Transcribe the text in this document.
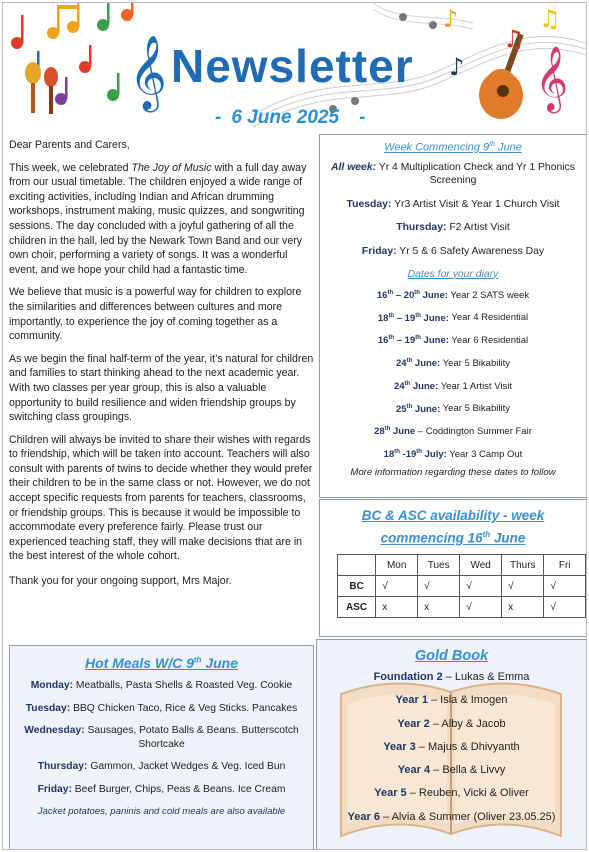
𝄞	♪
♫
♫
♪
𝄞
Newsletter
- 6 June 2025 -

Dear Parents and Carers,

This week, we celebrated The Joy of Music with a full day away from our usual timetable. The children enjoyed a wide range of exciting activities, including Indian and African drumming workshops, instrument making, music quizzes, and songwriting sessions. The day concluded with a joyful gathering of all the children in the hall, led by the Newark Town Band and our very own choir, performing a variety of songs. It was a wonderful event, and we hope your child had a fantastic time.

We believe that music is a powerful way for children to explore the similarities and differences between cultures and more importantly, to experience the joy of coming together as a community.

As we begin the final half-term of the year, it’s natural for children and families to start thinking ahead to the next academic year. With two classes per year group, this is also a valuable opportunity to build resilience and widen friendship groups by switching class groupings.

Children will always be invited to share their wishes with regards to friendship, which will be taken into account. Teachers will also consult with parents of twins to decide whether they would prefer their children to be in the same class or not. However, we do not accept specific requests from parents for teachers, classrooms, or friendship groups. This is because it would be impossible to accommodate every preference fairly. Please trust our experienced teaching staff, they will make decisions that are in the best interest of the whole cohort.

Thank you for your ongoing support, Mrs Major.

Week Commencing 9th June
All week: Yr 4 Multiplication Check and Yr 1 Phonics Screening
Tuesday: Yr3 Artist Visit & Year 1 Church Visit
Thursday: F2 Artist Visit
Friday: Yr 5 & 6 Safety Awareness Day
Dates for your diary
16th – 20th June: Year 2 SATS week
18th – 19th June: Year 4 Residential
16th – 19th June: Year 6 Residential
24th June: Year 5 Bikability
24th June: Year 1 Artist Visit
25th June: Year 5 Bikability
28th June – Coddington Summer Fair
18th -19th July: Year 3 Camp Out
More information regarding these dates to follow
BC & ASC availability - week
commencing 16th June
	Mon	Tues	Wed	Thurs	Fri
BC	√	√	√	√	√
ASC	x	x	√	x	√
Hot Meals W/C 9th June
Monday: Meatballs, Pasta Shells & Roasted Veg. Cookie
Tuesday: BBQ Chicken Taco, Rice & Veg Sticks. Pancakes
Wednesday: Sausages, Potato Balls & Beans. Butterscotch Shortcake
Thursday: Gammon, Jacket Wedges & Veg. Iced Bun
Friday: Beef Burger, Chips, Peas & Beans. Ice Cream
Jacket potatoes, paninis and cold meals are also available
Gold Book
Foundation 2 – Lukas & Emma
Year 1 – Isla & Imogen
Year 2 – Alby & Jacob
Year 3 – Majus & Dhivyanth
Year 4 – Bella & Livvy
Year 5 – Reuben, Vicki & Oliver
Year 6 – Alvia & Summer (Oliver 23.05.25)
